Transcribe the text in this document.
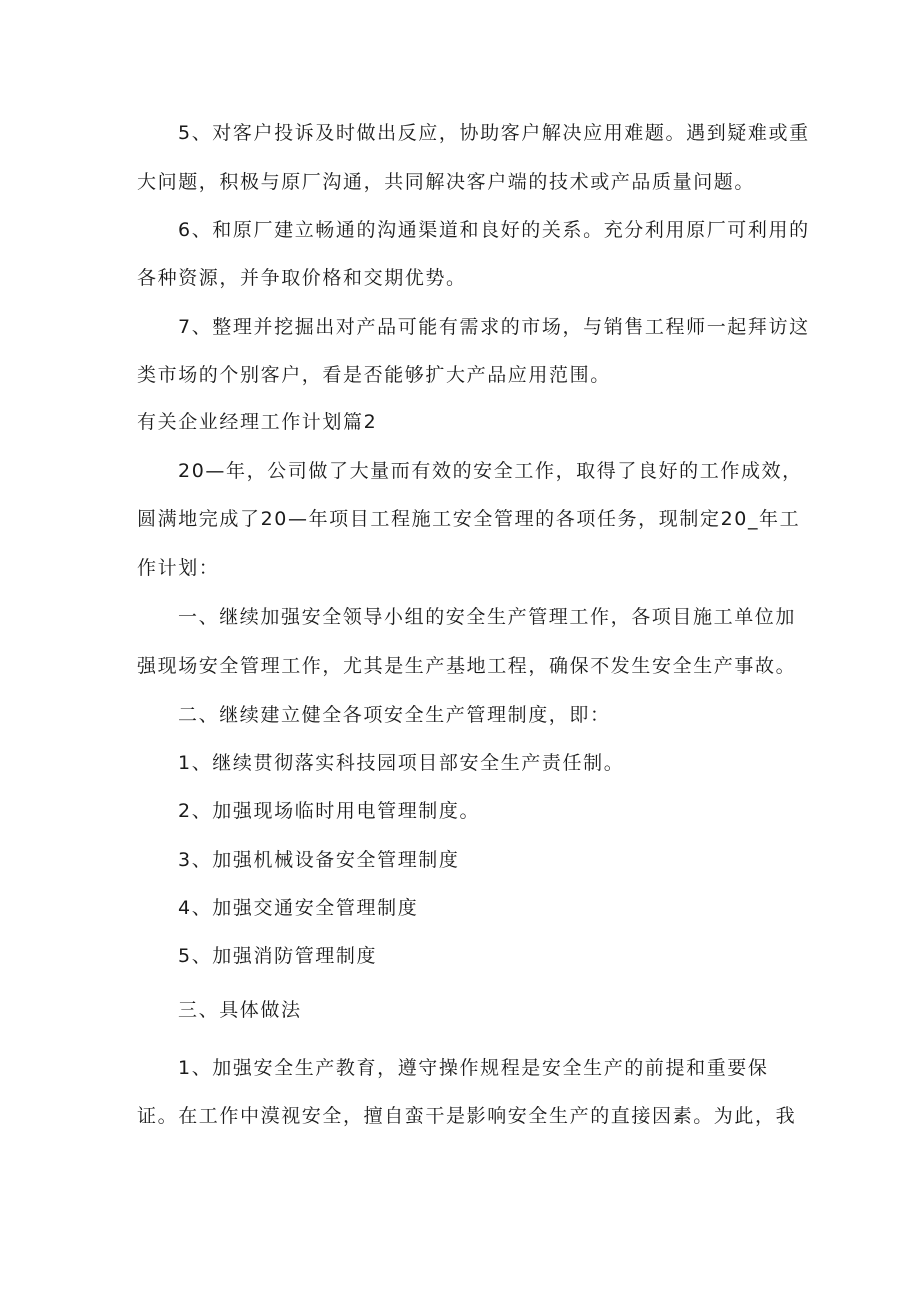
5、对客户投诉及时做出反应，协助客户解决应用难题。遇到疑难或重
大问题，积极与原厂沟通，共同解决客户端的技术或产品质量问题。
6、和原厂建立畅通的沟通渠道和良好的关系。充分利用原厂可利用的
各种资源，并争取价格和交期优势。
7、整理并挖掘出对产品可能有需求的市场，与销售工程师一起拜访这
类市场的个别客户，看是否能够扩大产品应用范围。
有关企业经理工作计划篇2
20—年，公司做了大量而有效的安全工作，取得了良好的工作成效，
圆满地完成了20—年项目工程施工安全管理的各项任务，现制定20_年工
作计划：
一、继续加强安全领导小组的安全生产管理工作，各项目施工单位加
强现场安全管理工作，尤其是生产基地工程，确保不发生安全生产事故。
二、继续建立健全各项安全生产管理制度，即：
1、继续贯彻落实科技园项目部安全生产责任制。
2、加强现场临时用电管理制度。
3、加强机械设备安全管理制度
4、加强交通安全管理制度
5、加强消防管理制度
三、具体做法
1、加强安全生产教育，遵守操作规程是安全生产的前提和重要保
证。在工作中漠视安全，擅自蛮干是影响安全生产的直接因素。为此，我
